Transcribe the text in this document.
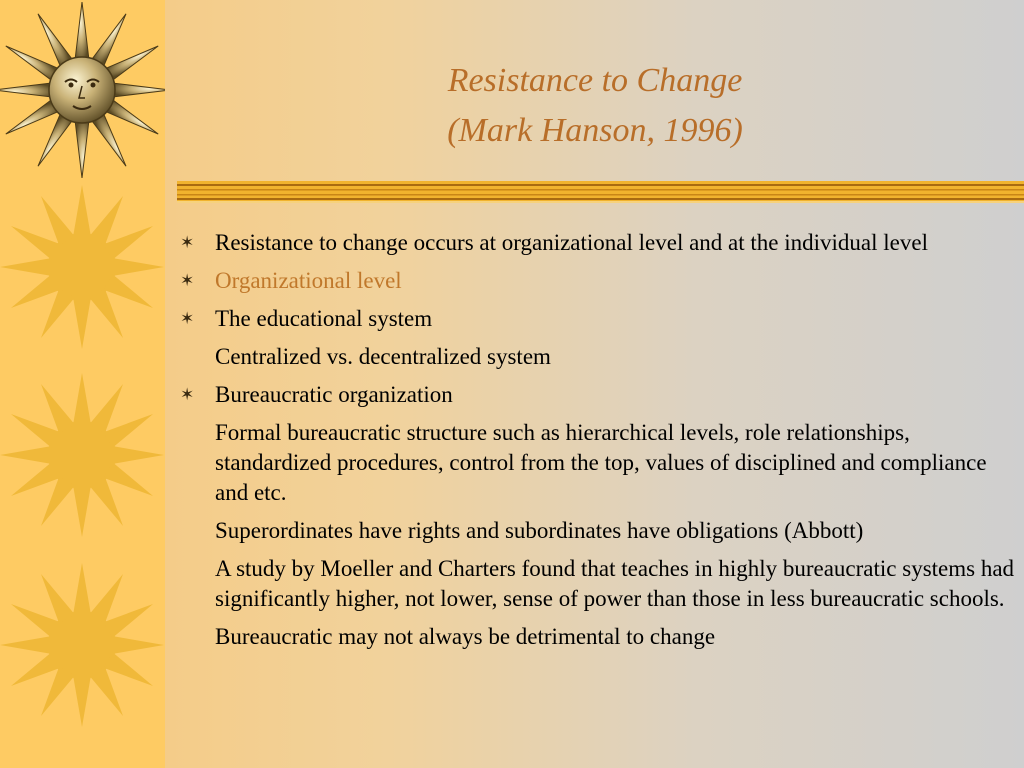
Resistance to Change
(Mark Hanson, 1996)
✶ Resistance to change occurs at organizational level and at the individual level
✶ Organizational level
✶ The educational system
Centralized vs. decentralized system
✶ Bureaucratic organization
Formal bureaucratic structure such as hierarchical levels, role relationships, standardized procedures, control from the top, values of disciplined and compliance and etc.
Superordinates have rights and subordinates have obligations (Abbott)
A study by Moeller and Charters found that teaches in highly bureaucratic systems had significantly higher, not lower, sense of power than those in less bureaucratic schools.
Bureaucratic may not always be detrimental to change
